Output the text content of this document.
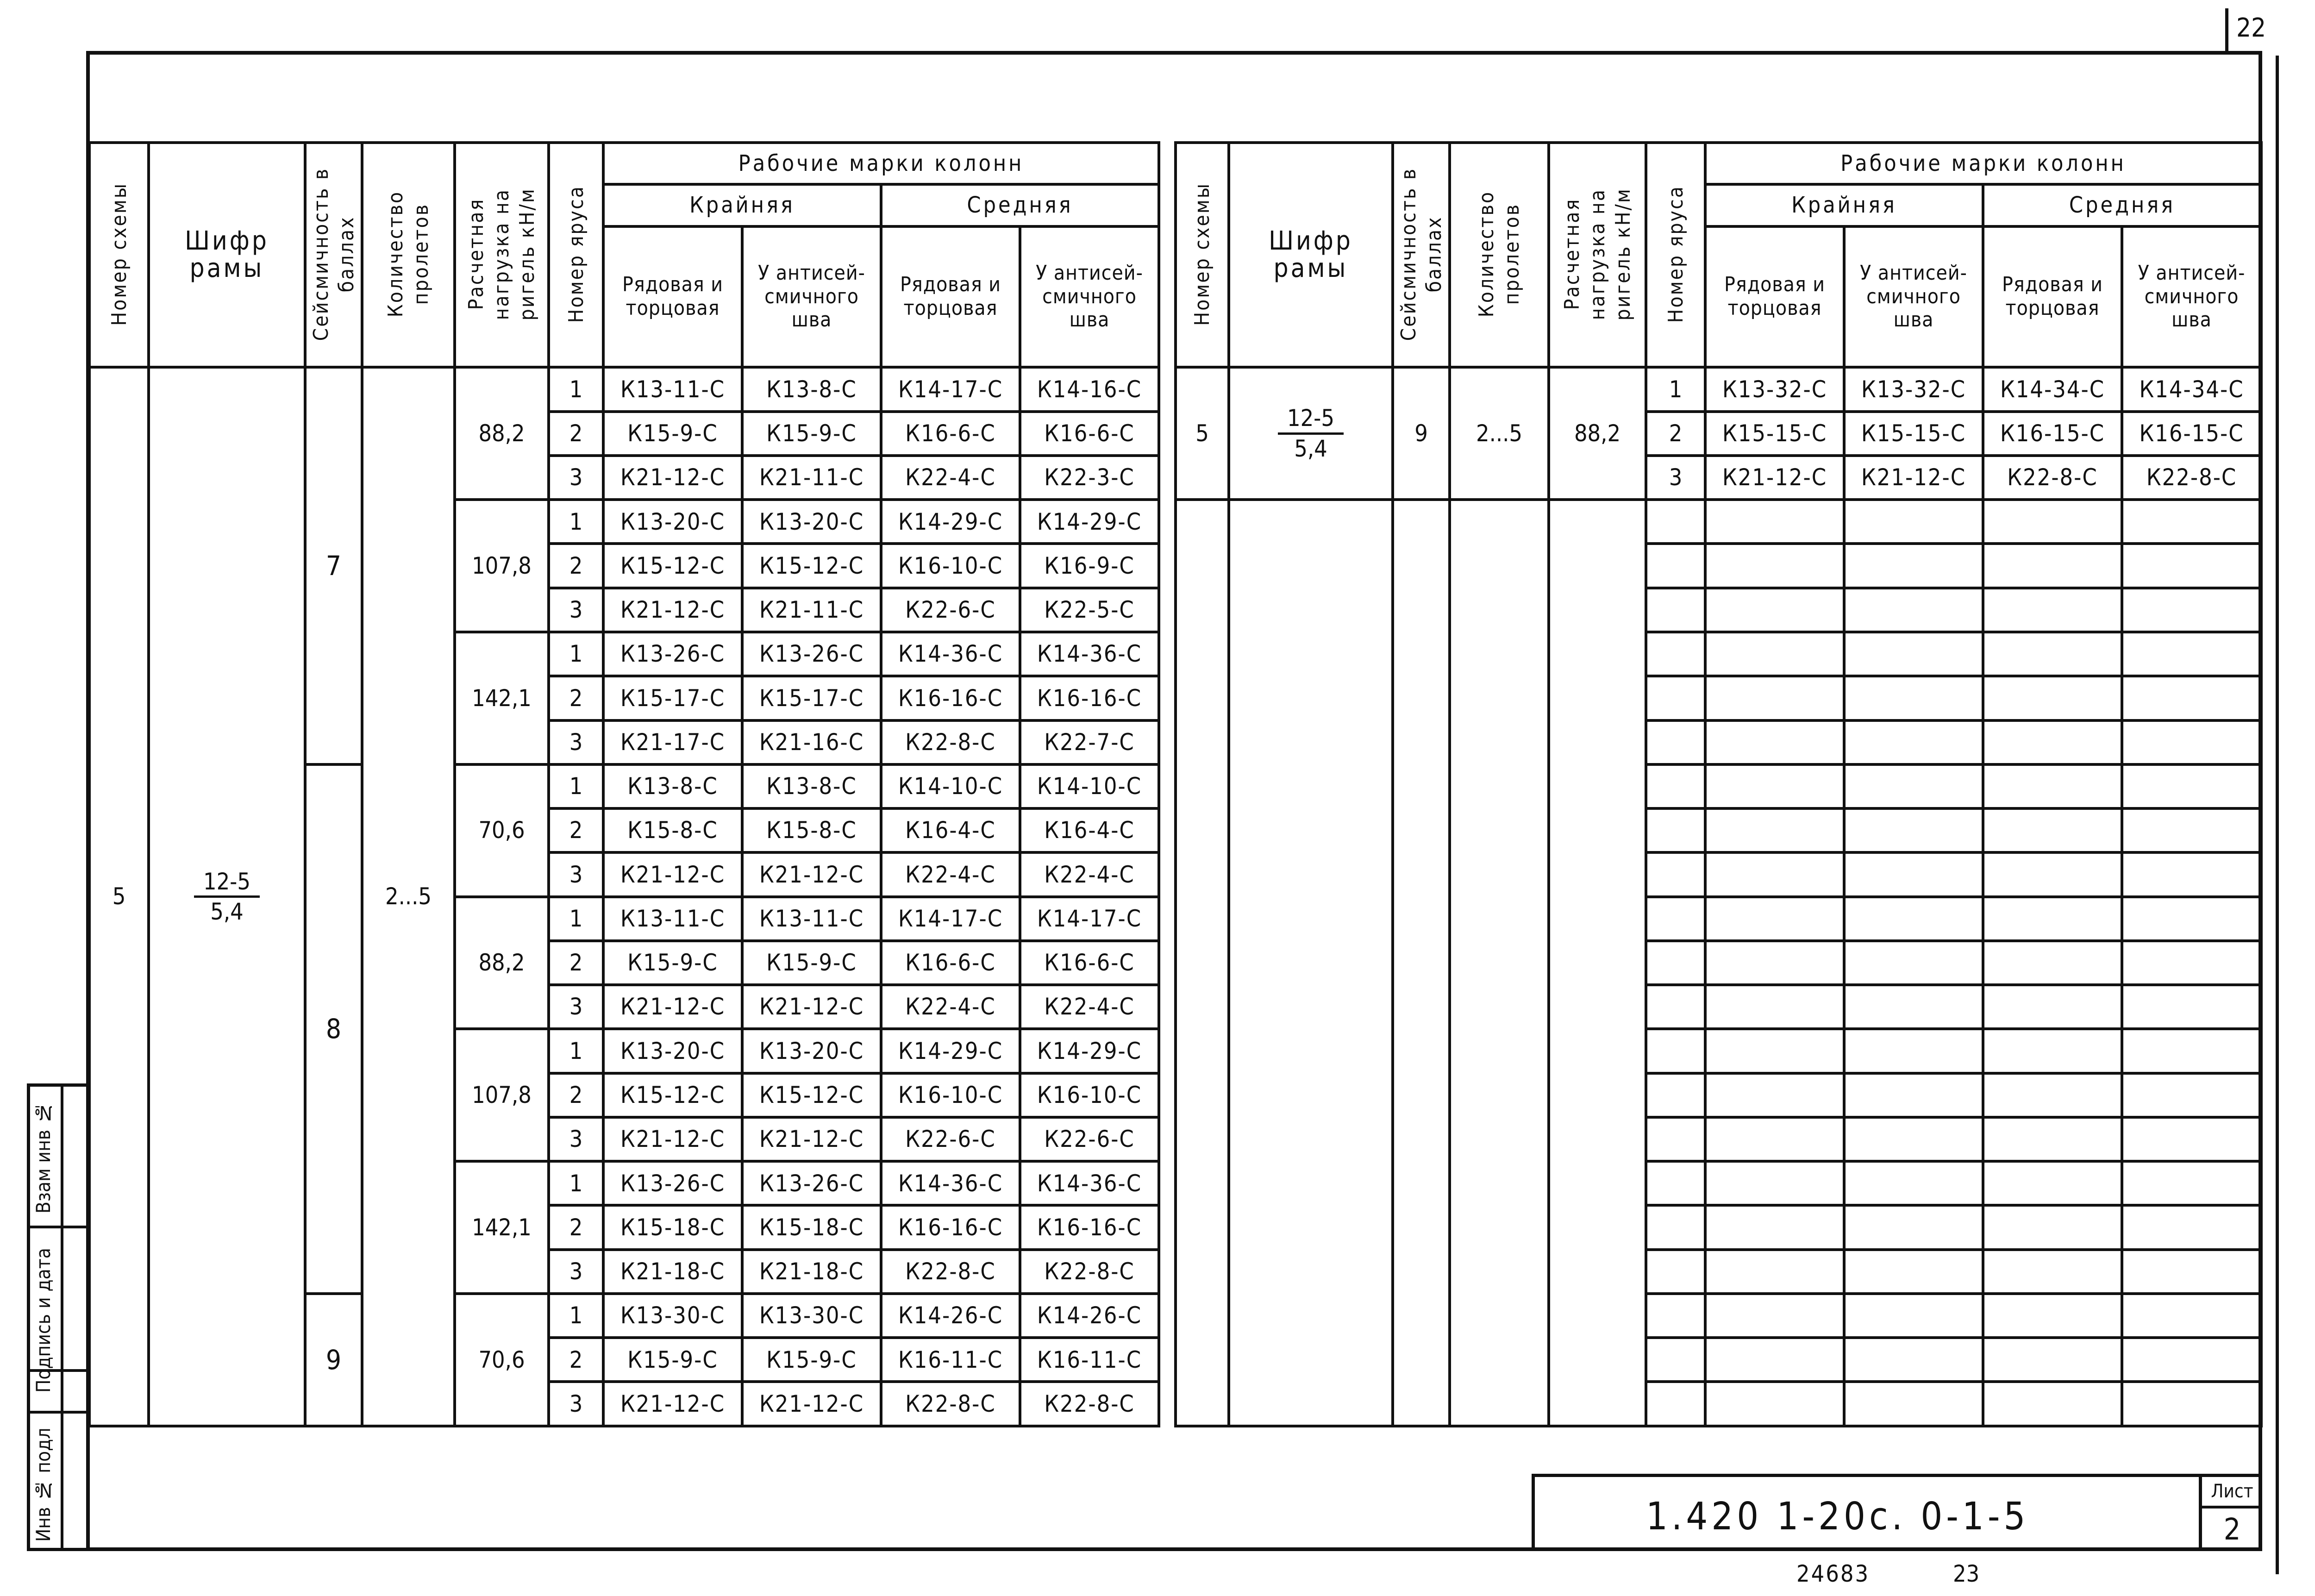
22
Инв № подл
Подпись и дата
Взам инв №
Номер схемы	Шифр рамы	Сейсмичность в баллах	Количество пролетов	Расчетная нагрузка на ригель кН/м	Номер яруса	Рабочие марки колонн			
						Крайняя		Средняя	
						Рядовая и торцовая	У антисей-смичного шва	Рядовая и торцовая	У антисей-смичного шва
5	$\frac{12-5}{5,4}$	7	2...5	88,2	1	К13-11-С	К13-8-С	К14-17-С	К14-16-С
					2	К15-9-С	К15-9-С	К16-6-С	К16-6-С
					3	К21-12-С	К21-11-С	К22-4-С	К22-3-С
				107,8	1	К13-20-С	К13-20-С	К14-29-С	К14-29-С
					2	К15-12-С	К15-12-С	К16-10-С	К16-9-С
					3	К21-12-С	К21-11-С	К22-6-С	К22-5-С
				142,1	1	К13-26-С	К13-26-С	К14-36-С	К14-36-С
					2	К15-17-С	К15-17-С	К16-16-С	К16-16-С
					3	К21-17-С	К21-16-С	К22-8-С	К22-7-С
		8		70,6	1	К13-8-С	К13-8-С	К14-10-С	К14-10-С
					2	К15-8-С	К15-8-С	К16-4-С	К16-4-С
					3	К21-12-С	К21-12-С	К22-4-С	К22-4-С
				88,2	1	К13-11-С	К13-11-С	К14-17-С	К14-17-С
					2	К15-9-С	К15-9-С	К16-6-С	К16-6-С
					3	К21-12-С	К21-12-С	К22-4-С	К22-4-С
				107,8	1	К13-20-С	К13-20-С	К14-29-С	К14-29-С
					2	К15-12-С	К15-12-С	К16-10-С	К16-10-С
					3	К21-12-С	К21-12-С	К22-6-С	К22-6-С
				142,1	1	К13-26-С	К13-26-С	К14-36-С	К14-36-С
					2	К15-18-С	К15-18-С	К16-16-С	К16-16-С
					3	К21-18-С	К21-18-С	К22-8-С	К22-8-С
		9		70,6	1	К13-30-С	К13-30-С	К14-26-С	К14-26-С
					2	К15-9-С	К15-9-С	К16-11-С	К16-11-С
					3	К21-12-С	К21-12-С	К22-8-С	К22-8-С
Номер схемы	Шифр рамы	Сейсмичность в баллах	Количество пролетов	Расчетная нагрузка на ригель кН/м	Номер яруса	Рабочие марки колонн			
						Крайняя		Средняя	
						Рядовая и торцовая	У антисей-смичного шва	Рядовая и торцовая	У антисей-смичного шва
5	$\frac{12-5}{5,4}$	9	2...5	88,2	1	К13-32-С	К13-32-С	К14-34-С	К14-34-С
					2	К15-15-С	К15-15-С	К16-15-С	К16-15-С
					3	К21-12-С	К21-12-С	К22-8-С	К22-8-С

1.420 1-20с. 0-1-5
Лист
2
24683	23
